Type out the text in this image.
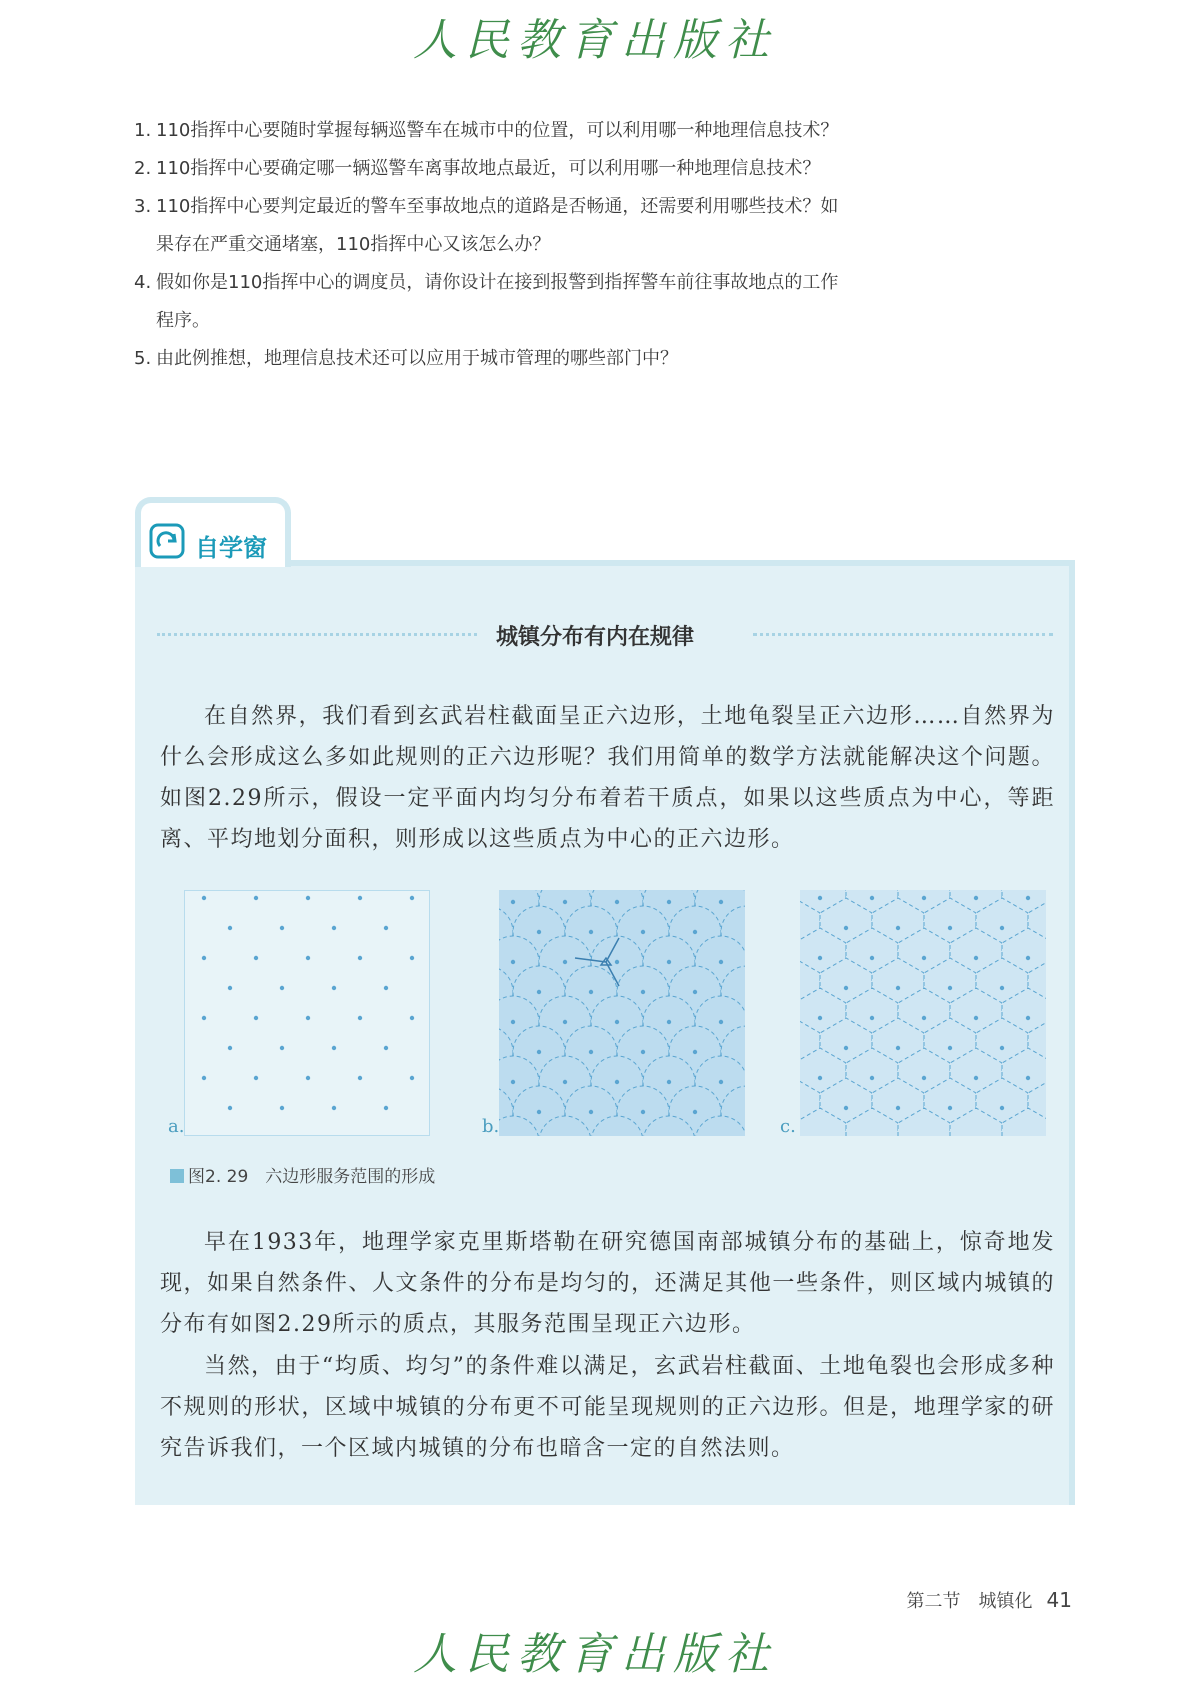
人民教育出版社
1. 110指挥中心要随时掌握每辆巡警车在城市中的位置，可以利用哪一种地理信息技术？
2. 110指挥中心要确定哪一辆巡警车离事故地点最近，可以利用哪一种地理信息技术？
3. 110指挥中心要判定最近的警车至事故地点的道路是否畅通，还需要利用哪些技术？如果存在严重交通堵塞，110指挥中心又该怎么办？
4. 假如你是110指挥中心的调度员，请你设计在接到报警到指挥警车前往事故地点的工作程序。
5. 由此例推想，地理信息技术还可以应用于城市管理的哪些部门中？
自学窗
城镇分布有内在规律

在自然界，我们看到玄武岩柱截面呈正六边形，土地龟裂呈正六边形……自然界为什么会形成这么多如此规则的正六边形呢？我们用简单的数学方法就能解决这个问题。如图2.29所示，假设一定平面内均匀分布着若干质点，如果以这些质点为中心，等距离、平均地划分面积，则形成以这些质点为中心的正六边形。

a.	b.	c.
图2. 29　六边形服务范围的形成

早在1933年，地理学家克里斯塔勒在研究德国南部城镇分布的基础上，惊奇地发现，如果自然条件、人文条件的分布是均匀的，还满足其他一些条件，则区域内城镇的分布有如图2.29所示的质点，其服务范围呈现正六边形。

当然，由于“均质、均匀”的条件难以满足，玄武岩柱截面、土地龟裂也会形成多种不规则的形状，区域中城镇的分布更不可能呈现规则的正六边形。但是，地理学家的研究告诉我们，一个区域内城镇的分布也暗含一定的自然法则。

第二节　城镇化 41
人民教育出版社
